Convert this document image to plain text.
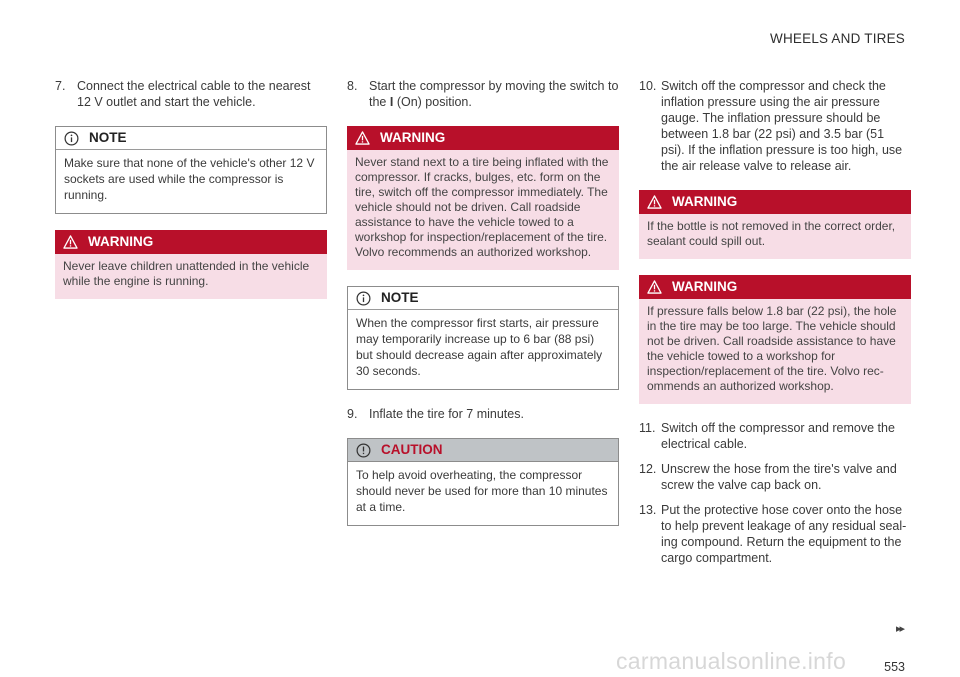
WHEELS AND TIRES
7. Connect the electrical cable to the nearest 12 V outlet and start the vehicle.
NOTE
Make sure that none of the vehicle's other 12 V sockets are used while the compressor is running.
WARNING
Never leave children unattended in the vehicle while the engine is running.
8. Start the compressor by moving the switch to the I (On) position.
WARNING
Never stand next to a tire being inflated with the compressor. If cracks, bulges, etc. form on the tire, switch off the compressor immediately. The vehicle should not be driven. Call roadside assistance to have the vehicle towed to a workshop for inspection/replacement of the tire. Volvo recommends an authorized workshop.
NOTE
When the compressor first starts, air pressure may temporarily increase up to 6 bar (88 psi) but should decrease again after approximately 30 seconds.
9. Inflate the tire for 7 minutes.
CAUTION
To help avoid overheating, the compressor should never be used for more than 10 minutes at a time.
10. Switch off the compressor and check the inflation pressure using the air pressure gauge. The inflation pressure should be between 1.8 bar (22 psi) and 3.5 bar (51 psi). If the inflation pressure is too high, use the air release valve to release air.
WARNING
If the bottle is not removed in the correct order, sealant could spill out.
WARNING
If pressure falls below 1.8 bar (22 psi), the hole in the tire may be too large. The vehicle should not be driven. Call roadside assistance to have the vehicle towed to a workshop for inspection/replacement of the tire. Volvo recommends an authorized workshop.
11. Switch off the compressor and remove the electrical cable.
12. Unscrew the hose from the tire's valve and screw the valve cap back on.
13. Put the protective hose cover onto the hose to help prevent leakage of any residual sealing compound. Return the equipment to the cargo compartment.
carmanualsonline.info
▸▸
553
